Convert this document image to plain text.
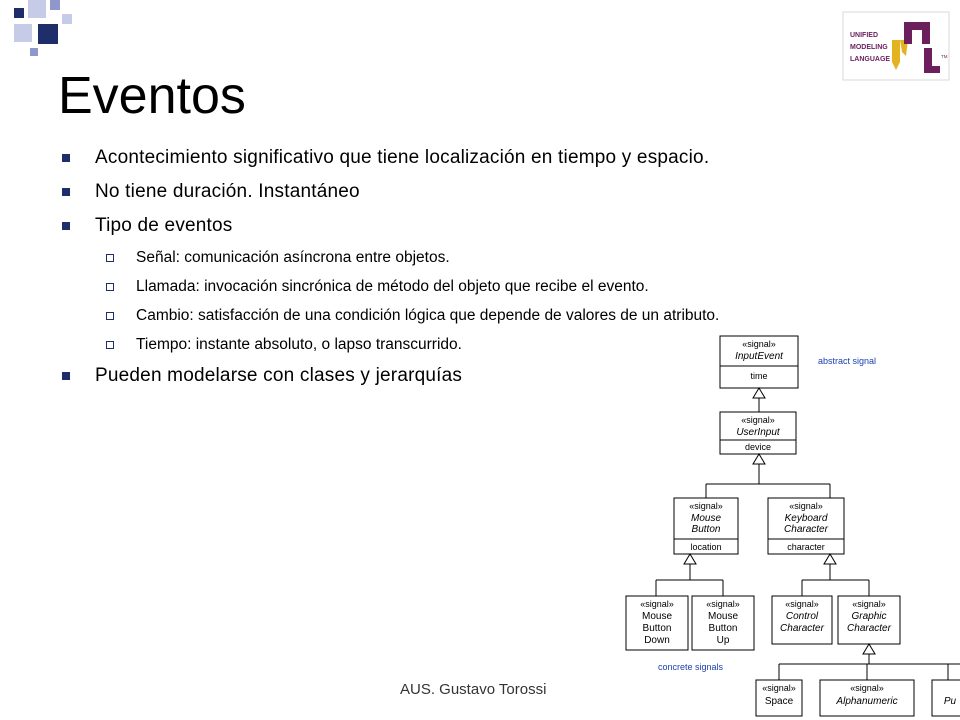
UNIFIED
MODELING
LANGUAGE	TM
Eventos
Acontecimiento significativo que tiene localización en tiempo y espacio.
No tiene duración. Instantáneo
Tipo de eventos
Señal: comunicación asíncrona entre objetos.
Llamada: invocación sincrónica de método del objeto que recibe el evento.
Cambio: satisfacción de una condición lógica que depende de valores de un atributo.
Tiempo: instante absoluto, o lapso transcurrido.
Pueden modelarse con clases y jerarquías
«signal»
InputEvent
time
«signal»
UserInput
device
«signal»
Mouse
Button
location
«signal»
Keyboard
Character
character
«signal»
Mouse
Button
Down
«signal»
Mouse
Button
Up
«signal»
Control
Character
«signal»
Graphic
Character
«signal»
Space
«signal»
Alphanumeric	Pu
abstract signal
concrete signals
AUS. Gustavo Torossi
